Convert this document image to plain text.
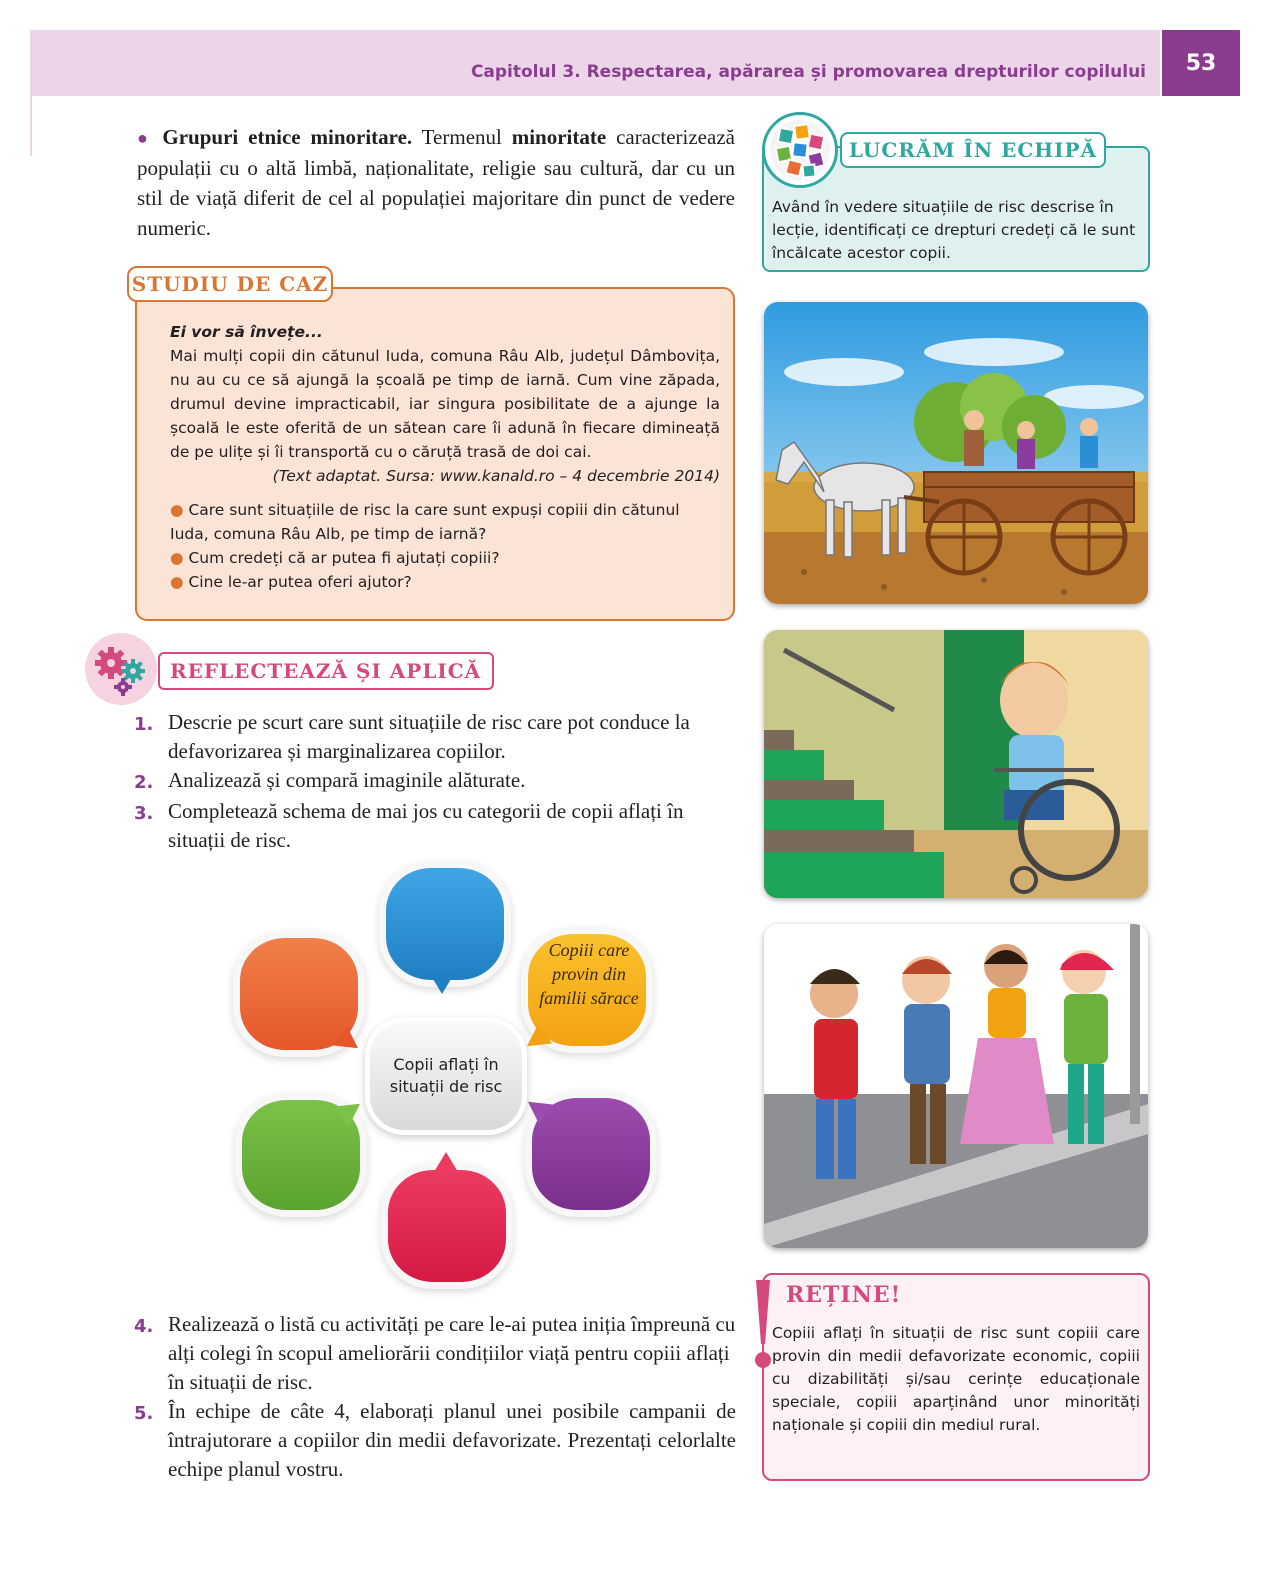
Capitolul 3. Respectarea, apărarea și promovarea drepturilor copilului	53
● Grupuri etnice minoritare. Termenul minoritate caracterizează populații cu o altă limbă, naționalitate, religie sau cultură, dar cu un stil de viață diferit de cel al populației majoritare din punct de vedere numeric.
STUDIU DE CAZ

Ei vor să învețe...

Mai mulți copii din cătunul Iuda, comuna Râu Alb, județul Dâmbovița, nu au cu ce să ajungă la școală pe timp de iarnă. Cum vine zăpada, drumul devine impracticabil, iar singura posibilitate de a ajunge la școală le este oferită de un sătean care îi adună în fiecare dimineață de pe ulițe și îi transportă cu o căruță trasă de doi cai.

(Text adaptat. Sursa: www.kanald.ro – 4 decembrie 2014)

● Care sunt situațiile de risc la care sunt expuși copiii din cătunul Iuda, comuna Râu Alb, pe timp de iarnă?

● Cum credeți că ar putea fi ajutați copiii?

● Cine le-ar putea oferi ajutor?

REFLECTEAZĂ ȘI APLICĂ
1. Descrie pe scurt care sunt situațiile de risc care pot conduce la defavorizarea și marginalizarea copiilor.
2. Analizează și compară imaginile alăturate.
3. Completează schema de mai jos cu categorii de copii aflați în situații de risc.
Copiii care provin din familii sărace
Copii aflați în situații de risc
4. Realizează o listă cu activități pe care le-ai putea iniția împreună cu alți colegi în scopul ameliorării condițiilor viață pentru copiii aflați în situații de risc.
5. În echipe de câte 4, elaborați planul unei posibile campanii de întrajutorare a copiilor din medii defavorizate. Prezentați celorlalte echipe planul vostru.
LUCRĂM ÎN ECHIPĂ
Având în vedere situațiile de risc descrise în lecție, identificați ce drepturi credeți că le sunt încălcate acestor copii.
REȚINE!
Copiii aflați în situații de risc sunt copiii care provin din medii defavorizate economic, copiii cu dizabilități și/sau cerințe educaționale speciale, copiii aparținând unor minorități naționale și copiii din mediul rural.
